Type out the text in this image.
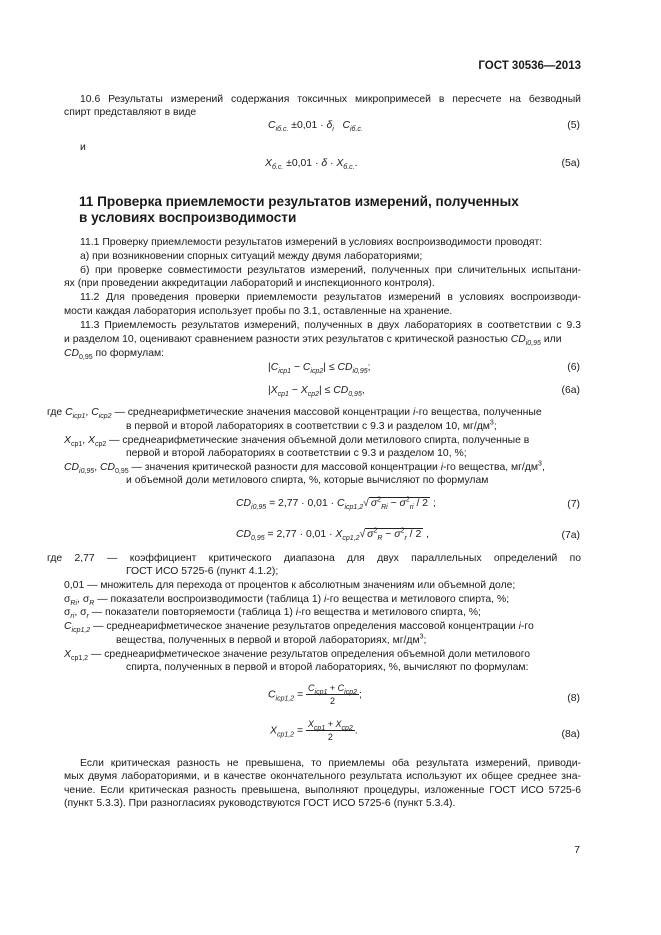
ГОСТ 30536—2013
10.6 Результаты измерений содержания токсичных микропримесей в пересчете на безводный
спирт представляют в виде
$C_{iб.с.} \pm 0,01 \cdot \delta_i$ $C_{iб.с.}$	(5)
и
$X_{б.с.} \pm 0,01 \cdot \delta \cdot X_{б.с.}$.	(5а)
11 Проверка приемлемости результатов измерений, полученных
в условиях воспроизводимости
11.1 Проверку приемлемости результатов измерений в условиях воспроизводимости проводят:
а) при возникновении спорных ситуаций между двумя лабораториями;
б) при проверке совместимости результатов измерений, полученных при сличительных испытани-
ях (при проведении аккредитации лабораторий и инспекционного контроля).
11.2 Для проведения проверки приемлемости результатов измерений в условиях воспроизводи-
мости каждая лаборатория использует пробы по 3.1, оставленные на хранение.
11.3 Приемлемость результатов измерений, полученных в двух лабораториях в соответствии с 9.3
и разделом 10, оценивают сравнением разности этих результатов с критической разностью $CD_{i0,95}$ или
$CD_{0,95}$ по формулам:
$|C_{icp1} - C_{icp2}| \le CD_{i0,95}$;	(6)
$|X_{cp1} - X_{cp2}| \le CD_{0,95}$,	(6а)
где $C_{icp1}$, $C_{icp2}$ — среднеарифметические значения массовой концентрации i-го вещества, полученные
в первой и второй лабораториях в соответствии с 9.3 и разделом 10, $мг/дм^3$;
$X_{cp1}$, $X_{cp2}$ — среднеарифметические значения объемной доли метилового спирта, полученные в
первой и второй лабораториях в соответствии с 9.3 и разделом 10, %;
$CD_{i0,95}$, $CD_{0,95}$ — значения критической разности для массовой концентрации i-го вещества, $мг/дм^3$,
и объемной доли метилового спирта, %, которые вычисляют по формулам
$CD_{i0,95} = 2,77 \cdot 0,01 \cdot C_{icp1,2}√$ $\sigma^2_{Ri} - \sigma^2_{ri} / 2$ ;	(7)
$CD_{0,95} = 2,77 \cdot 0,01 \cdot X_{cp1,2}√$ $\sigma^2_R - \sigma^2_r / 2$ ,	(7а)
где 2,77 — коэффициент критического диапазона для двух параллельных определений по
ГОСТ ИСО 5725-6 (пункт 4.1.2);
0,01 — множитель для перехода от процентов к абсолютным значениям или объемной доле;
$\sigma_{Ri}$, $\sigma_R$ — показатели воспроизводимости (таблица 1) i-го вещества и метилового спирта, %;
$\sigma_{ri}$, $\sigma_r$ — показатели повторяемости (таблица 1) i-го вещества и метилового спирта, %;
$C_{icp1,2}$ — среднеарифметическое значение результатов определения массовой концентрации i-го
вещества, полученных в первой и второй лабораториях, $мг/дм^3$;
$X_{cp1,2}$ — среднеарифметическое значение результатов определения объемной доли метилового
спирта, полученных в первой и второй лабораториях, %, вычисляют по формулам:
$C_{icp1,2} = \frac{C_{icp1} + C_{icp2}}{2}$ ;	(8)
$X_{cp1,2} = \frac{X_{cp1} + X_{cp2}}{2}$ .	(8а)
Если критическая разность не превышена, то приемлемы оба результата измерений, приводи-
мых двумя лабораториями, и в качестве окончательного результата используют их общее среднее зна-
чение. Если критическая разность превышена, выполняют процедуры, изложенные ГОСТ ИСО 5725-6
(пункт 5.3.3). При разногласиях руководствуются ГОСТ ИСО 5725-6 (пункт 5.3.4).
7
